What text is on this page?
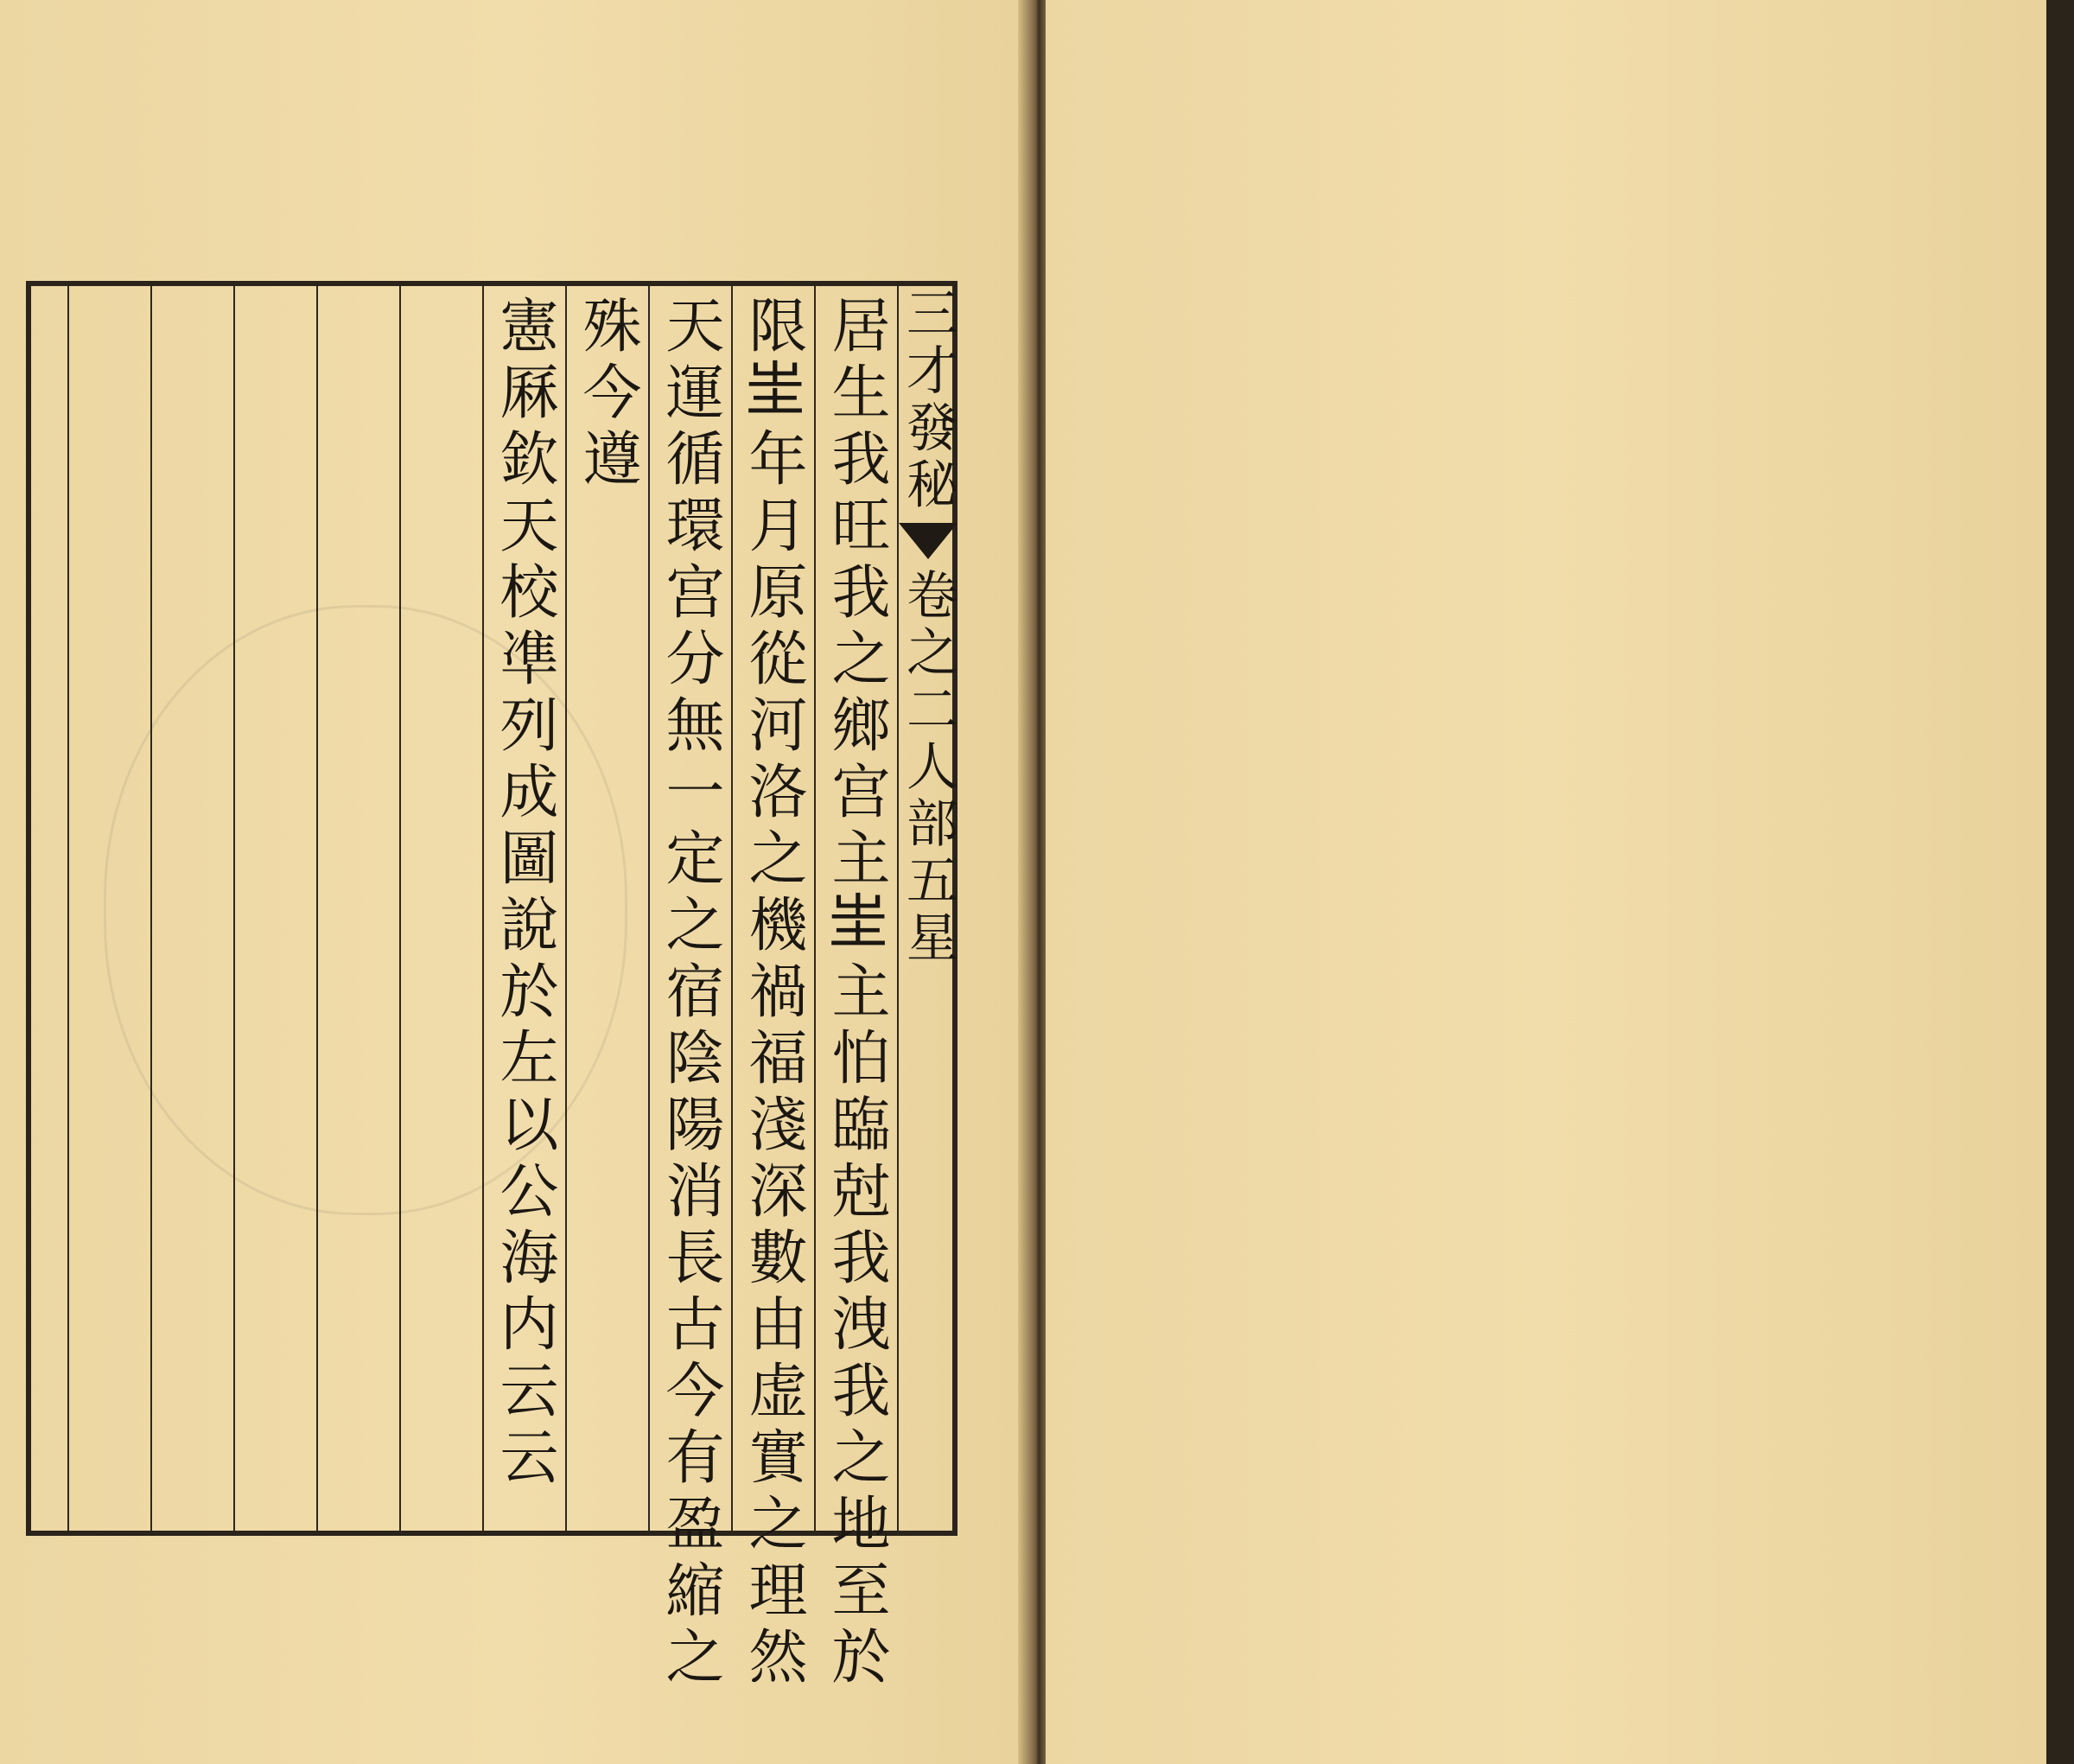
三才發秘
卷之二
人部
五星
居生我旺我之鄉宫主𡉚主怕臨尅我洩我之地至於
限𡉚年月原從河洛之機禍福淺深數由虚實之理然
天運循環宫分無一定之宿陰陽消長古今有盈縮之
殊今遵
憲厤欽天校凖列成圖說於左以公海内云云
